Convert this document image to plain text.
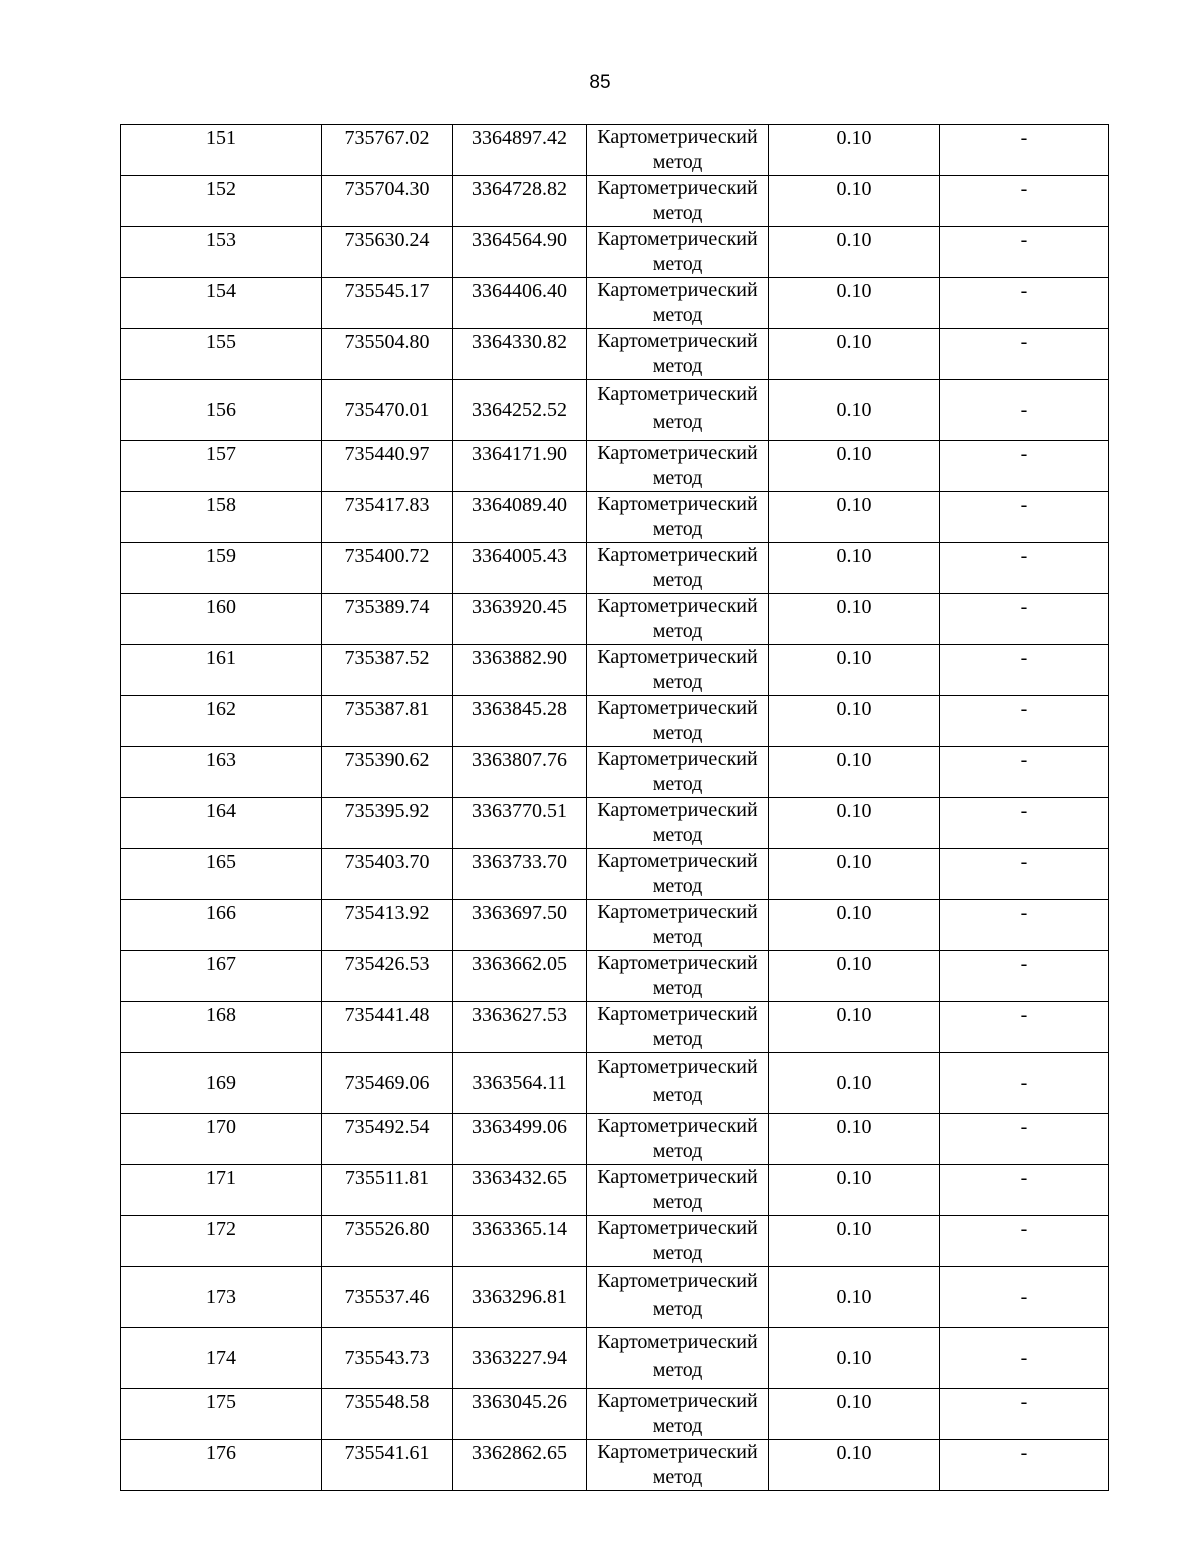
85
151	735767.02	3364897.42	Картометрический метод	0.10	-
152	735704.30	3364728.82	Картометрический метод	0.10	-
153	735630.24	3364564.90	Картометрический метод	0.10	-
154	735545.17	3364406.40	Картометрический метод	0.10	-
155	735504.80	3364330.82	Картометрический метод	0.10	-
156	735470.01	3364252.52	Картометрический метод	0.10	-
157	735440.97	3364171.90	Картометрический метод	0.10	-
158	735417.83	3364089.40	Картометрический метод	0.10	-
159	735400.72	3364005.43	Картометрический метод	0.10	-
160	735389.74	3363920.45	Картометрический метод	0.10	-
161	735387.52	3363882.90	Картометрический метод	0.10	-
162	735387.81	3363845.28	Картометрический метод	0.10	-
163	735390.62	3363807.76	Картометрический метод	0.10	-
164	735395.92	3363770.51	Картометрический метод	0.10	-
165	735403.70	3363733.70	Картометрический метод	0.10	-
166	735413.92	3363697.50	Картометрический метод	0.10	-
167	735426.53	3363662.05	Картометрический метод	0.10	-
168	735441.48	3363627.53	Картометрический метод	0.10	-
169	735469.06	3363564.11	Картометрический метод	0.10	-
170	735492.54	3363499.06	Картометрический метод	0.10	-
171	735511.81	3363432.65	Картометрический метод	0.10	-
172	735526.80	3363365.14	Картометрический метод	0.10	-
173	735537.46	3363296.81	Картометрический метод	0.10	-
174	735543.73	3363227.94	Картометрический метод	0.10	-
175	735548.58	3363045.26	Картометрический метод	0.10	-
176	735541.61	3362862.65	Картометрический метод	0.10	-
